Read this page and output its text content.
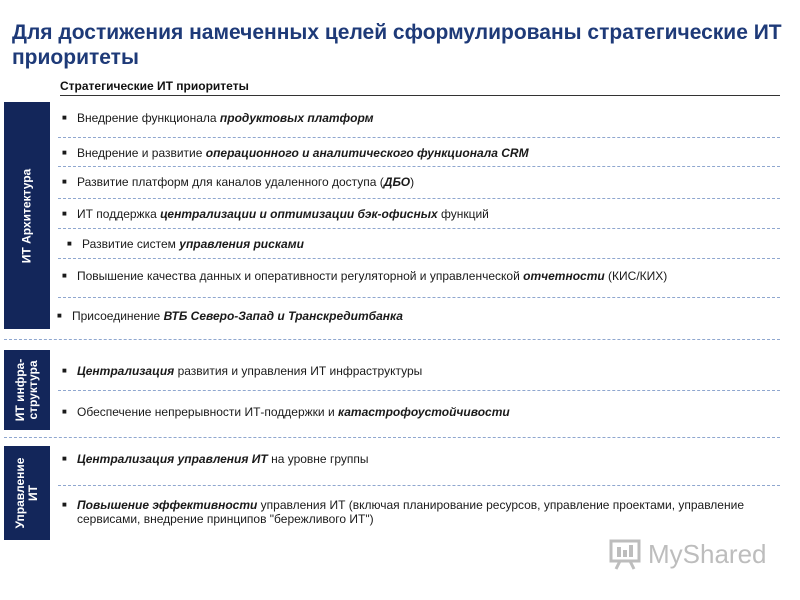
Для достижения намеченных целей сформулированы стратегические ИТ приоритеты
Стратегические ИТ приоритеты
ИТ Архитектура
ИТ инфра-
структура
Управление
ИТ
■ Внедрение функционала продуктовых платформ
■ Внедрение и развитие операционного и аналитического функционала CRM
■ Развитие платформ для каналов удаленного доступа (ДБО)
■ ИТ поддержка централизации и оптимизации бэк-офисных функций
■ Развитие систем управления рисками
■ Повышение качества данных и оперативности регуляторной и управленческой отчетности (КИС/КИХ)
■ Присоединение ВТБ Северо-Запад и Транскредитбанка
■ Централизация развития и управления ИТ инфраструктуры
■ Обеспечение непрерывности ИТ-поддержки и катастрофоустойчивости
■ Централизация управления ИТ на уровне группы
■ Повышение эффективности управления ИТ (включая планирование ресурсов, управление проектами, управление сервисами, внедрение принципов "бережливого ИТ")
MyShared
